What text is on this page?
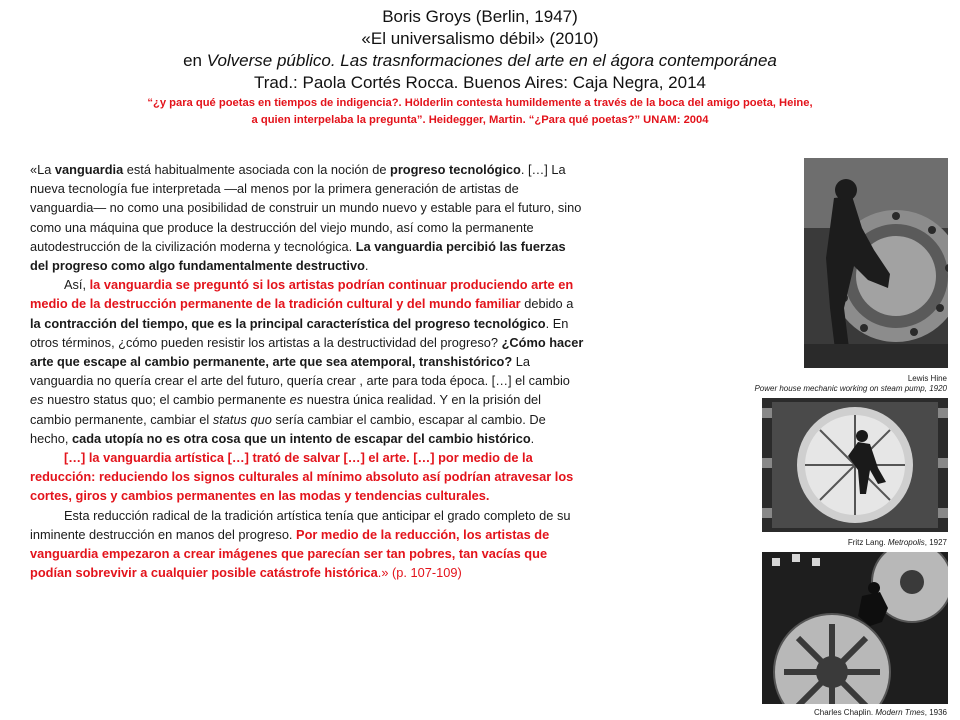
Boris Groys (Berlin, 1947)
«El universalismo débil» (2010)
en Volverse público. Las trasnformaciones del arte en el ágora contemporánea
Trad.: Paola Cortés Rocca. Buenos Aires: Caja Negra, 2014
“¿y para qué poetas en tiempos de indigencia?. Hölderlin contesta humildemente a través de la boca del amigo poeta, Heine,
a quien interpelaba la pregunta”. Heidegger, Martin. “¿Para qué poetas?” UNAM: 2004

«La vanguardia está habitualmente asociada con la noción de progreso tecnológico. […] La nueva tecnología fue interpretada —al menos por la primera generación de artistas de vanguardia— no como una posibilidad de construir un mundo nuevo y estable para el futuro, sino como una máquina que produce la destrucción del viejo mundo, así como la permanente autodestrucción de la civilización moderna y tecnológica. La vanguardia percibió las fuerzas del progreso como algo fundamentalmente destructivo.

Así, la vanguardia se preguntó si los artistas podrían continuar produciendo arte en medio de la destrucción permanente de la tradición cultural y del mundo familiar debido a la contracción del tiempo, que es la principal característica del progreso tecnológico. En otros términos, ¿cómo pueden resistir los artistas a la destructividad del progreso? ¿Cómo hacer arte que escape al cambio permanente, arte que sea atemporal, transhistórico? La vanguardia no quería crear el arte del futuro, quería crear , arte para toda época. […] el cambio es nuestro status quo; el cambio permanente es nuestra única realidad. Y en la prisión del cambio permanente, cambiar el status quo sería cambiar el cambio, escapar al cambio. De hecho, cada utopía no es otra cosa que un intento de escapar del cambio histórico.

[…] la vanguardia artística […] trató de salvar […] el arte. […] por medio de la reducción: reduciendo los signos culturales al mínimo absoluto así podrían atravesar los cortes, giros y cambios permanentes en las modas y tendencias culturales.

Esta reducción radical de la tradición artística tenía que anticipar el grado completo de su inminente destrucción en manos del progreso. Por medio de la reducción, los artistas de vanguardia empezaron a crear imágenes que parecían ser tan pobres, tan vacías que podían sobrevivir a cualquier posible catástrofe histórica.» (p. 107-109)

Lewis Hine
Power house mechanic working on steam pump, 1920
Fritz Lang. Metropolis, 1927
Charles Chaplin. Modern Tmes, 1936
